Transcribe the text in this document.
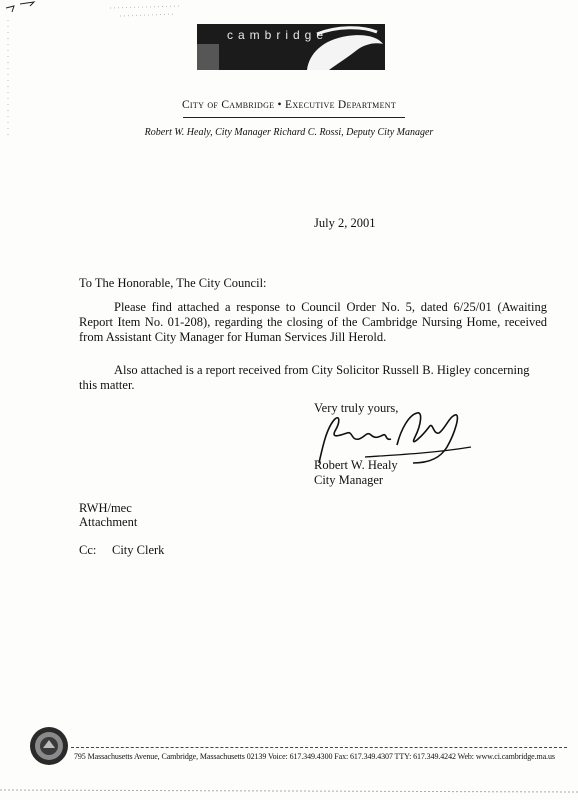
cambridge
City of Cambridge • Executive Department
Robert W. Healy, City Manager Richard C. Rossi, Deputy City Manager
July 2, 2001
To The Honorable, The City Council:
Please find attached a response to Council Order No. 5, dated 6/25/01 (Awaiting Report Item No. 01-208), regarding the closing of the Cambridge Nursing Home, received from Assistant City Manager for Human Services Jill Herold.
Also attached is a report received from City Solicitor Russell B. Higley concerning this matter.
Very truly yours,
Robert W. Healy
City Manager
RWH/mec
Attachment
Cc: City Clerk
795 Massachusetts Avenue, Cambridge, Massachusetts 02139 Voice: 617.349.4300 Fax: 617.349.4307 TTY: 617.349.4242 Web: www.ci.cambridge.ma.us
